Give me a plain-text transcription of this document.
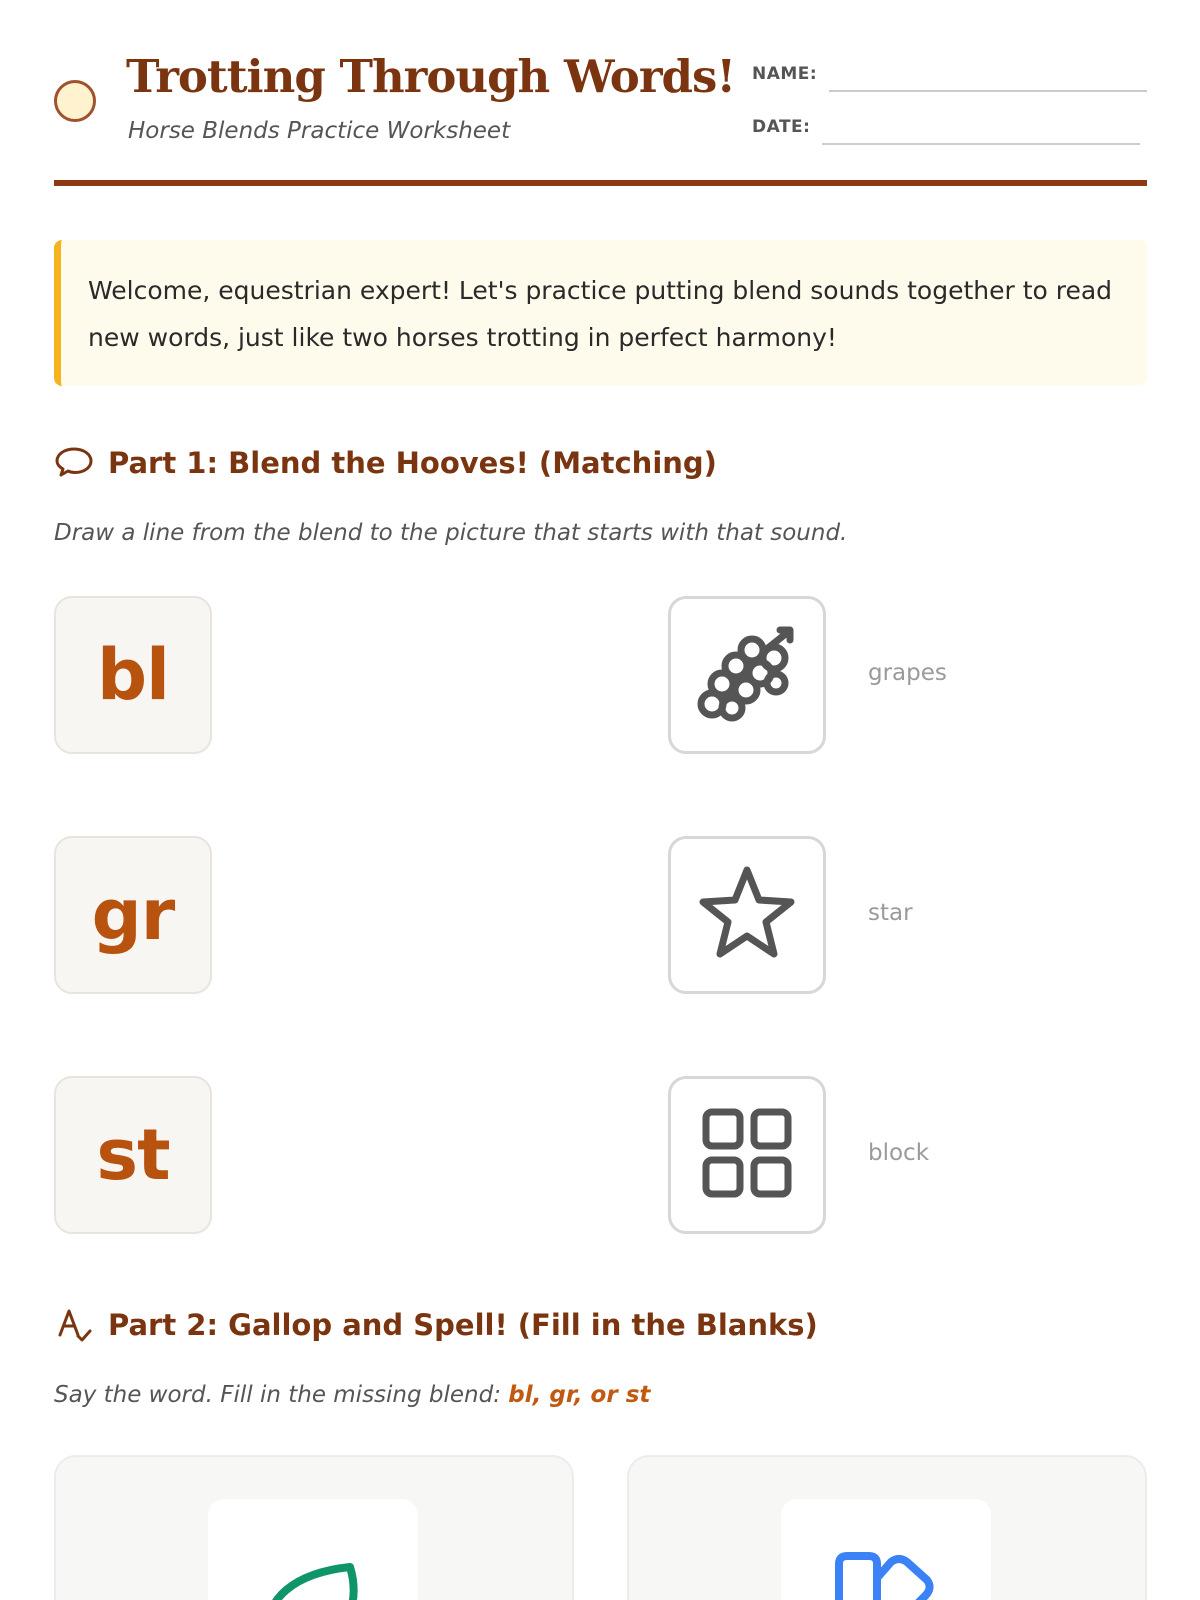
Trotting Through Words!

Horse Blends Practice Worksheet

NAME:
DATE:
Welcome, equestrian expert! Let's practice putting blend sounds together to read new words, just like two horses trotting in perfect harmony!
Part 1: Blend the Hooves! (Matching)

Draw a line from the blend to the picture that starts with that sound.

bl
gr
st
grapes
star
block
Part 2: Gallop and Spell! (Fill in the Blanks)

Say the word. Fill in the missing blend: bl, gr, or st
